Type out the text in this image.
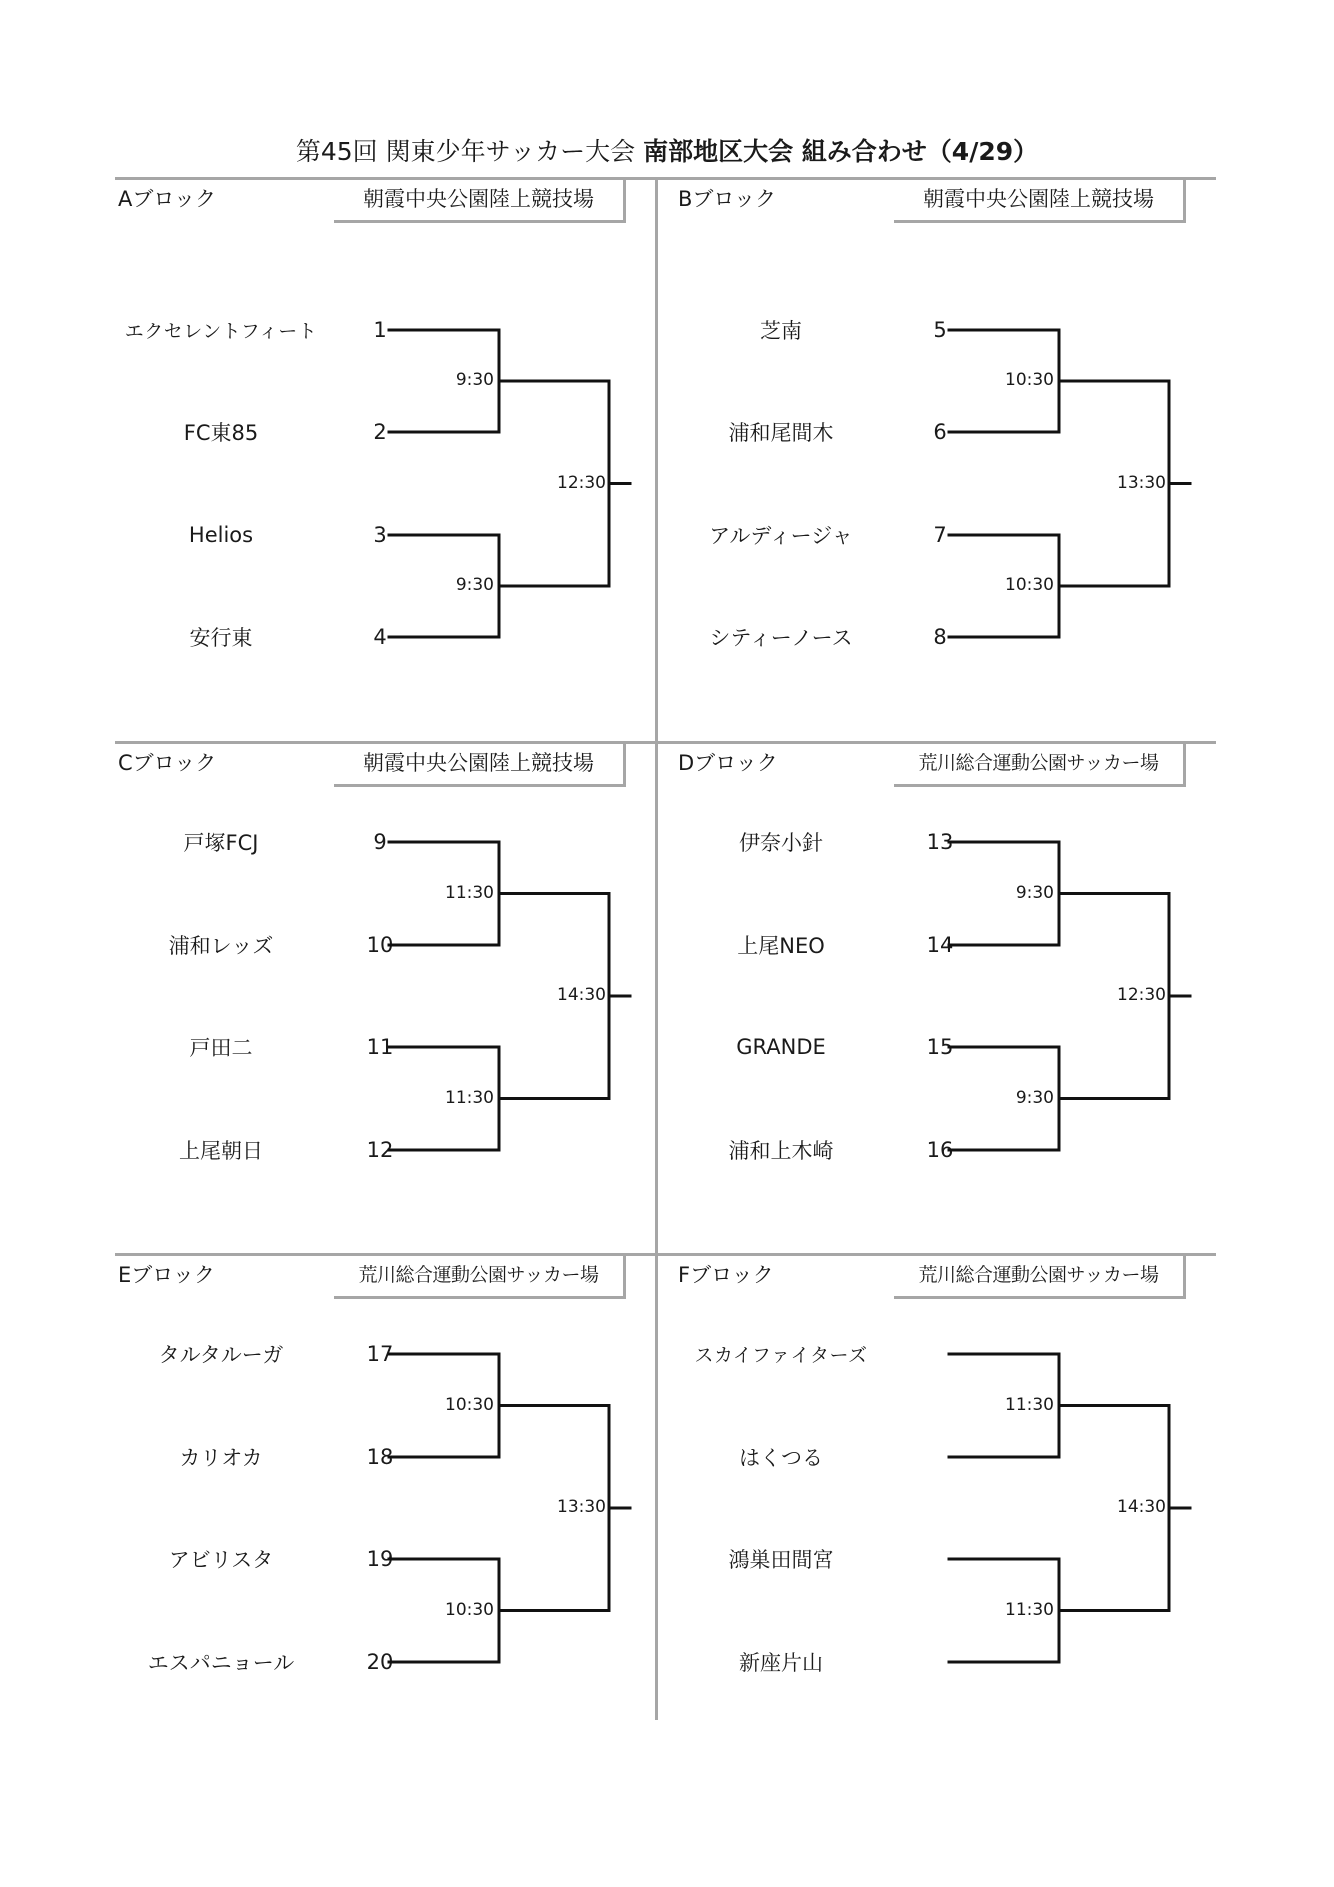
第45回 関東少年サッカー大会 南部地区大会 組み合わせ（4/29）
Aブロック	朝霞中央公園陸上競技場
エクセレントフィート	1
FC東85	2
Helios	3
安行東	4
9:30
9:30
12:30
Bブロック	朝霞中央公園陸上競技場
芝南	5
浦和尾間木	6
アルディージャ	7
シティーノース	8
10:30
10:30
13:30
Cブロック	朝霞中央公園陸上競技場
戸塚FCJ	9
浦和レッズ	10
戸田二	11
上尾朝日	12
11:30
11:30
14:30
Dブロック	荒川総合運動公園サッカー場
伊奈小針	13
上尾NEO	14
GRANDE	15
浦和上木崎	16
9:30
9:30
12:30
Eブロック	荒川総合運動公園サッカー場
タルタルーガ	17
カリオカ	18
アビリスタ	19
エスパニョール	20
10:30
10:30
13:30
Fブロック	荒川総合運動公園サッカー場
スカイファイターズ
はくつる
鴻巣田間宮
新座片山
11:30
11:30
14:30
